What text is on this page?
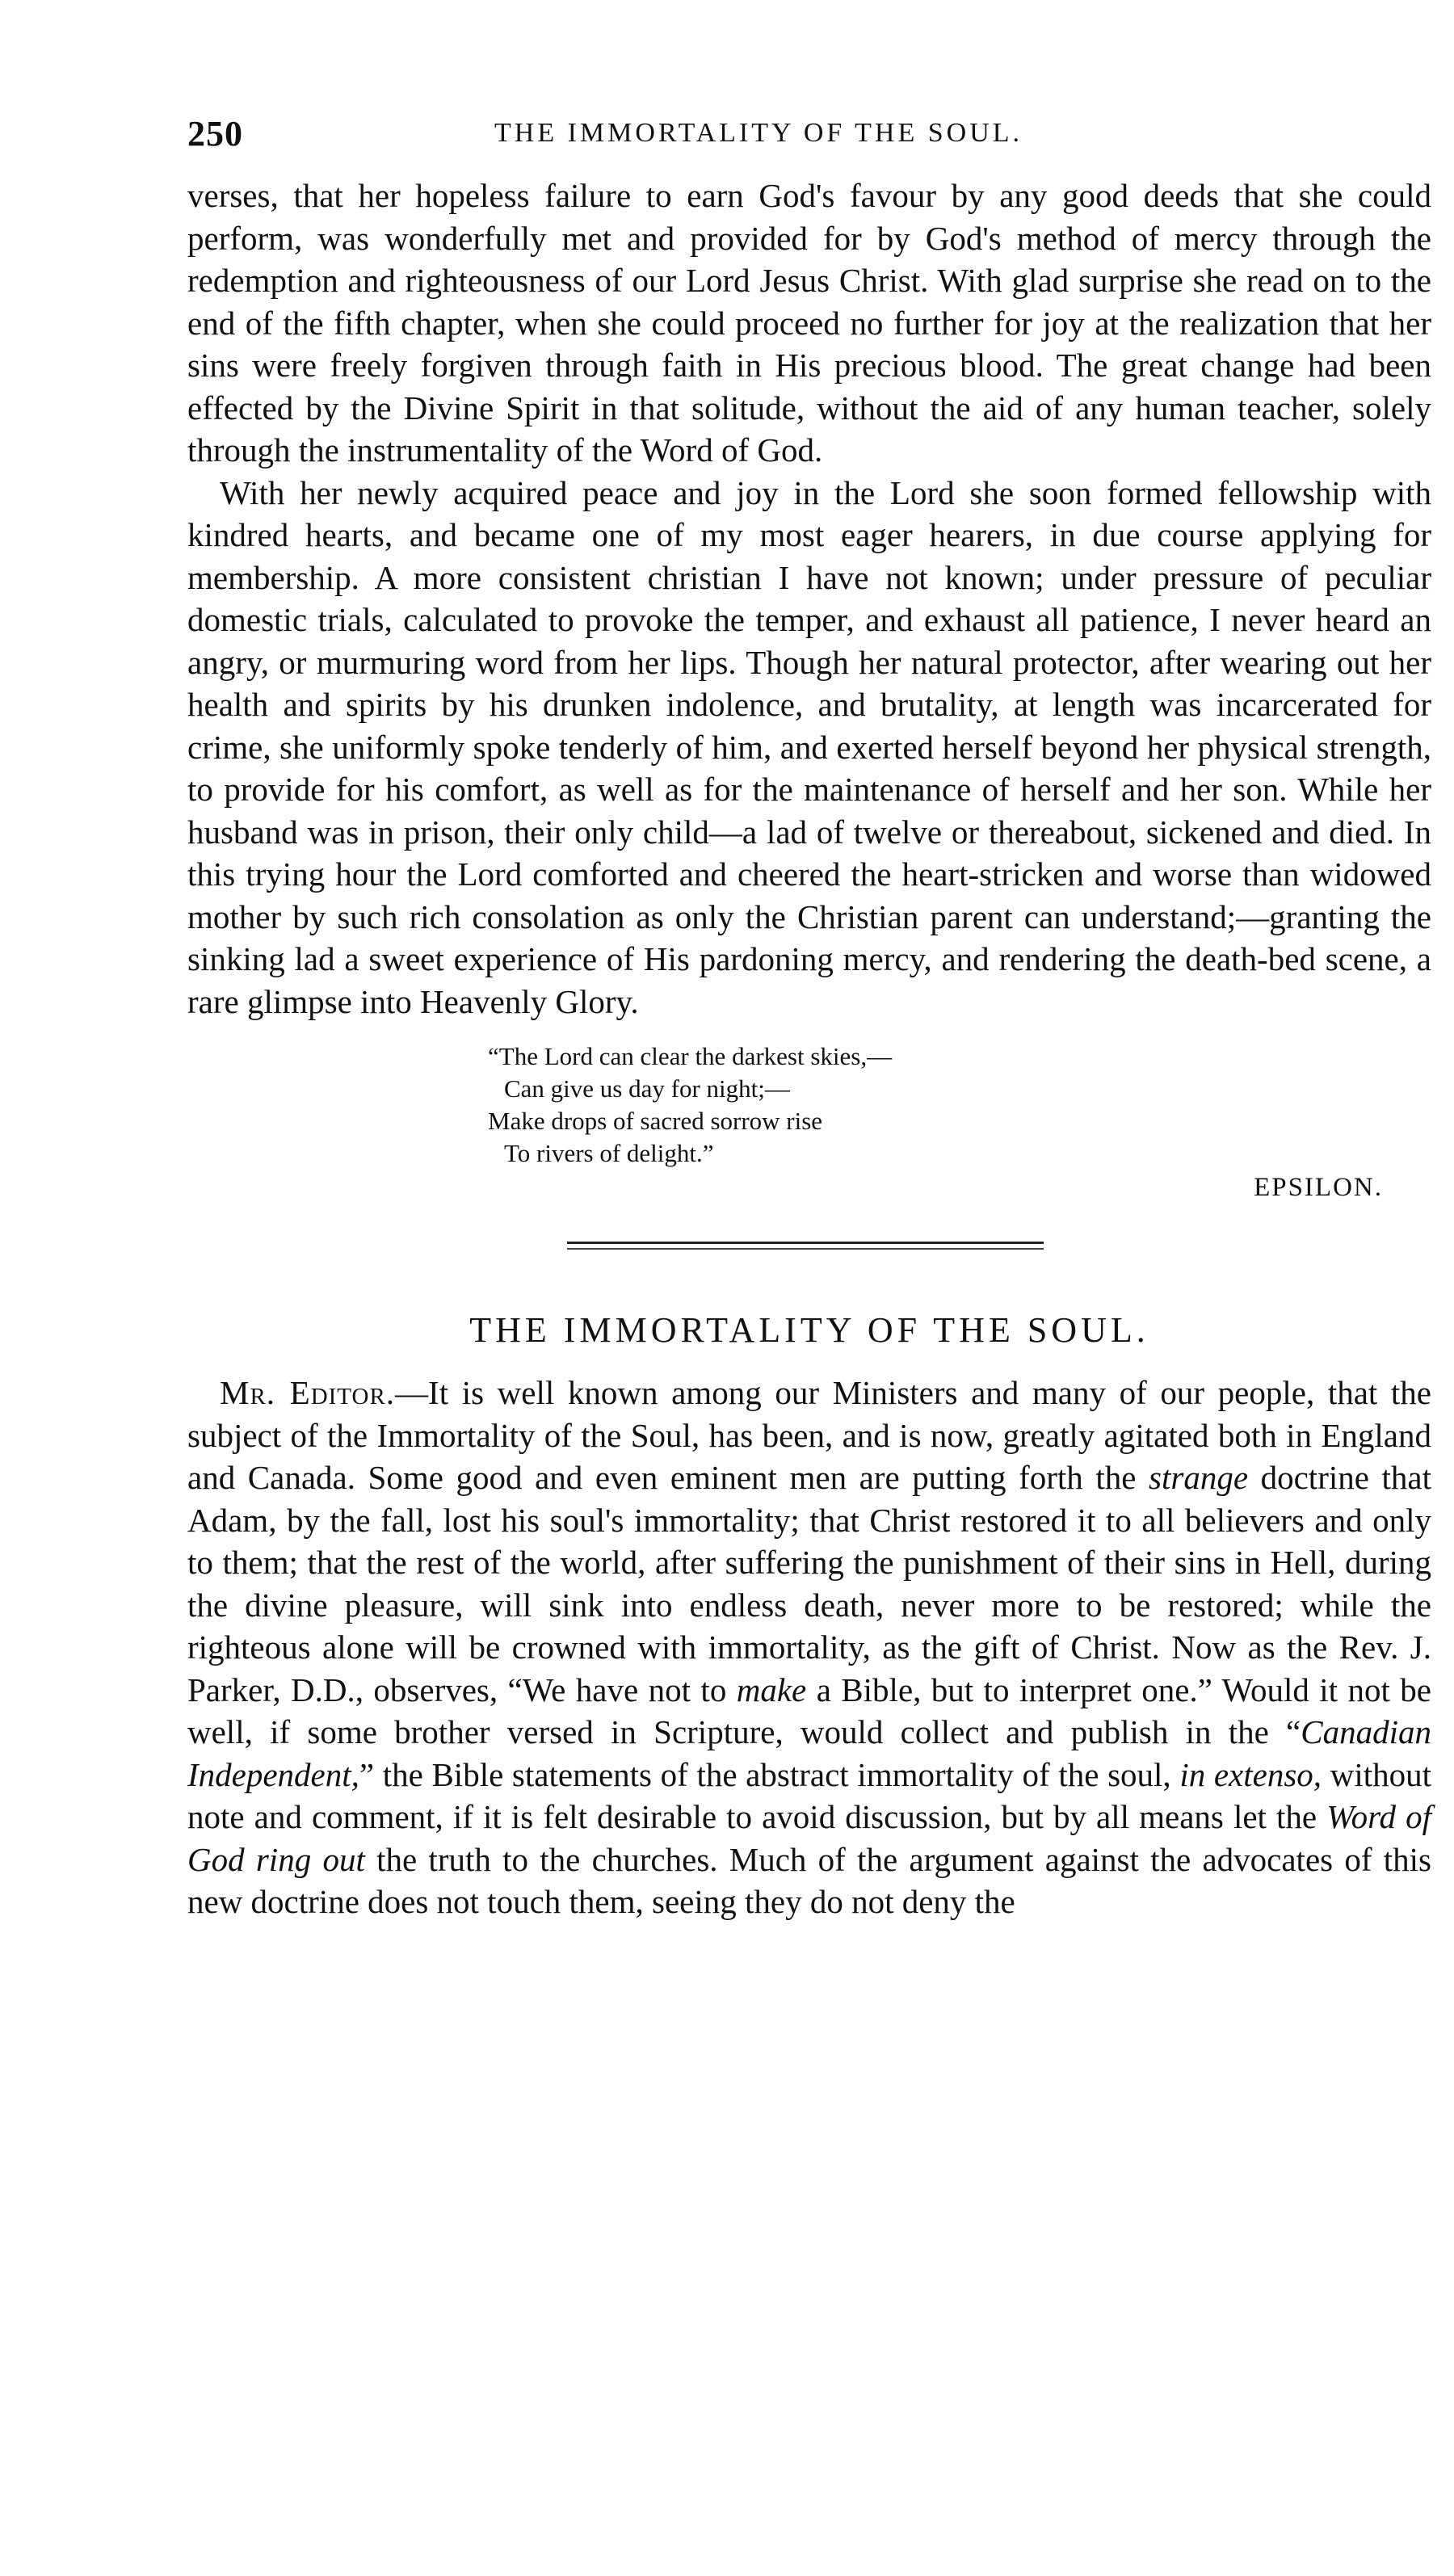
250	THE IMMORTALITY OF THE SOUL.

verses, that her hopeless failure to earn God's favour by any good deeds that she could perform, was wonderfully met and provided for by God's method of mercy through the redemption and righteousness of our Lord Jesus Christ. With glad surprise she read on to the end of the fifth chapter, when she could proceed no further for joy at the realization that her sins were freely forgiven through faith in His precious blood. The great change had been effected by the Divine Spirit in that solitude, without the aid of any human teacher, solely through the instrumentality of the Word of God.

With her newly acquired peace and joy in the Lord she soon formed fellowship with kindred hearts, and became one of my most eager hearers, in due course applying for membership. A more consistent christian I have not known; under pressure of peculiar domestic trials, calculated to provoke the temper, and exhaust all patience, I never heard an angry, or murmuring word from her lips. Though her natural protector, after wearing out her health and spirits by his drunken indolence, and brutality, at length was incarcerated for crime, she uniformly spoke tenderly of him, and exerted herself beyond her physical strength, to provide for his comfort, as well as for the maintenance of herself and her son. While her husband was in prison, their only child—a lad of twelve or thereabout, sickened and died. In this trying hour the Lord comforted and cheered the heart-stricken and worse than widowed mother by such rich consolation as only the Christian parent can understand;—granting the sinking lad a sweet experience of His pardoning mercy, and rendering the death-bed scene, a rare glimpse into Heavenly Glory.

“The Lord can clear the darkest skies,—
Can give us day for night;—
Make drops of sacred sorrow rise
To rivers of delight.”
EPSILON.
THE IMMORTALITY OF THE SOUL.

Mr. Editor.—It is well known among our Ministers and many of our people, that the subject of the Immortality of the Soul, has been, and is now, greatly agitated both in England and Canada. Some good and even eminent men are putting forth the strange doctrine that Adam, by the fall, lost his soul's immortality; that Christ restored it to all believers and only to them; that the rest of the world, after suffering the punishment of their sins in Hell, during the divine pleasure, will sink into endless death, never more to be restored; while the righteous alone will be crowned with immortality, as the gift of Christ. Now as the Rev. J. Parker, D.D., observes, “We have not to make a Bible, but to interpret one.” Would it not be well, if some brother versed in Scripture, would collect and publish in the “Canadian Independent,” the Bible statements of the abstract immortality of the soul, in extenso, without note and comment, if it is felt desirable to avoid discussion, but by all means let the Word of God ring out the truth to the churches. Much of the argument against the advocates of this new doctrine does not touch them, seeing they do not deny the
